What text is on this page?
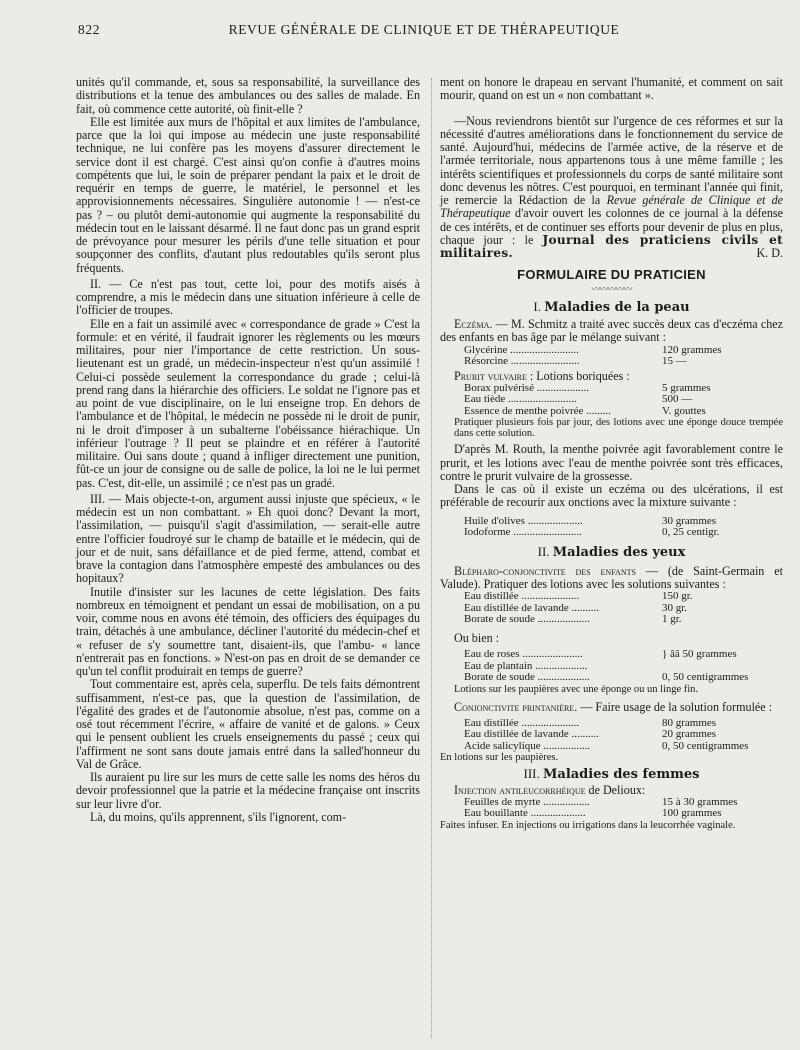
822	REVUE GÉNÉRALE DE CLINIQUE ET DE THÉRAPEUTIQUE

unités qu'il commande, et, sous sa responsabilité, la surveillance des distributions et la tenue des ambulances ou des salles de malade. En fait, où commence cette autorité, où finit-elle ?

Elle est limitée aux murs de l'hôpital et aux limites de l'ambulance, parce que la loi qui impose au médecin une juste responsabilité technique, ne lui confère pas les moyens d'assurer directement le service dont il est chargé. C'est ainsi qu'on confie à d'autres moins compétents que lui, le soin de préparer pendant la paix et le droit de requérir en temps de guerre, le matériel, le personnel et les approvisionnements nécessaires. Singulière autonomie ! — n'est-ce pas ? – ou plutôt demi-autonomie qui augmente la responsabilité du médecin tout en le laissant désarmé. Il ne faut donc pas un grand esprit de prévoyance pour mesurer les périls d'une telle situation et pour soupçonner des conflits, d'autant plus redoutables qu'ils seront plus fréquents.

II. — Ce n'est pas tout, cette loi, pour des motifs aisés à comprendre, a mis le médecin dans une situation inférieure à celle de l'officier de troupes.

Elle en a fait un assimilé avec « correspondance de grade » C'est la formule: et en vérité, il faudrait ignorer les règlements ou les mœurs militaires, pour nier l'importance de cette restriction. Un sous-lieutenant est un gradé, un médecin-inspecteur n'est qu'un assimilé ! Celui-ci possède seulement la correspondance du grade ; celui-là prend rang dans la hiérarchie des officiers. Le soldat ne l'ignore pas et au point de vue disciplinaire, on le lui enseigne trop. En dehors de l'ambulance et de l'hôpital, le médecin ne possède ni le droit de punir, ni le droit d'imposer à un subalterne l'obéissance hiérachique. Un inférieur l'outrage ? Il peut se plaindre et en référer à l'autorité militaire. Oui sans doute ; quand à infliger directement une punition, fût-ce un jour de consigne ou de salle de police, la loi ne le lui permet pas. C'est, dit-elle, un assimilé ; ce n'est pas un gradé.

III. — Mais objecte-t-on, argument aussi injuste que spécieux, « le médecin est un non combattant. » Eh quoi donc? Devant la mort, l'assimilation, — puisqu'il s'agit d'assimilation, — serait-elle autre entre l'officier foudroyé sur le champ de bataille et le médecin, qui de jour et de nuit, sans défaillance et de pied ferme, attend, combat et brave la contagion dans l'atmosphère empesté des ambulances ou des hopitaux?

Inutile d'insister sur les lacunes de cette législation. Des faits nombreux en témoignent et pendant un essai de mobilisation, on a pu voir, comme nous en avons été témoin, des officiers des équipages du train, détachés à une ambulance, décliner l'autorité du médecin-chef et « refuser de s'y soumettre tant, disaient-ils, que l'ambu- « lance n'entrerait pas en fonctions. » N'est-on pas en droit de se demander ce qu'un tel conflit produirait en temps de guerre?

Tout commentaire est, après cela, superflu. De tels faits démontrent suffisamment, n'est-ce pas, que la question de l'assimilation, de l'égalité des grades et de l'autonomie absolue, n'est pas, comme on a osé tout récemment l'écrire, « affaire de vanité et de galons. » Ceux qui le pensent oublient les cruels enseignements du passé ; ceux qui l'affirment ne sont sans doute jamais entré dans la salled'honneur du Val de Grâce.

Ils auraient pu lire sur les murs de cette salle les noms des héros du devoir professionnel que la patrie et la médecine française ont inscrits sur leur livre d'or.

Là, du moins, qu'ils apprennent, s'ils l'ignorent, com-

ment on honore le drapeau en servant l'humanité, et comment on sait mourir, quand on est un « non combattant ».

—Nous reviendrons bientôt sur l'urgence de ces réformes et sur la nécessité d'autres améliorations dans le fonctionnement du service de santé. Aujourd'hui, médecins de l'armée active, de la réserve et de l'armée territoriale, nous appartenons tous à une même famille ; les intérêts scientifiques et professionnels du corps de santé militaire sont donc devenus les nôtres. C'est pourquoi, en terminant l'année qui finit, je remercie la Rédaction de la Revue générale de Clinique et de Thérapeutique d'avoir ouvert les colonnes de ce journal à la défense de ces intérêts, et de continuer ses efforts pour devenir de plus en plus, chaque jour : le Journal des praticiens civils et militaires.	K. D.

FORMULAIRE DU PRATICIEN
〰〰〰〰〰
I. Maladies de la peau

Eczéma. — M. Schmitz a traité avec succès deux cas d'eczéma chez des enfants en bas âge par le mélange suivant :

Glycérine .........................	120 grammes
Résorcine .........................	15 —

Prurit vulvaire : Lotions boriquées :

Borax pulvérisé ...................	5 grammes
Eau tiède .........................	500 —
Essence de menthe poivrée .........	V. gouttes

Pratiquer plusieurs fois par jour, des lotions avec une éponge douce trempée dans cette solution.

D'après M. Routh, la menthe poivrée agit favorablement contre le prurit, et les lotions avec l'eau de menthe poivrée sont très efficaces, contre le prurit vulvaire de la grossesse.

Dans le cas où il existe un eczéma ou des ulcérations, il est préférable de recourir aux onctions avec la mixture suivante :

Huile d'olives ....................	30 grammes
Iodoforme .........................	0, 25 centigr.
II. Maladies des yeux

Blépharo-conjonctivite des enfants — (de Saint-Germain et Valude). Pratiquer des lotions avec les solutions suivantes :

Eau distillée .....................	150 gr.
Eau distillée de lavande ..........	30 gr.
Borate de soude ...................	1 gr.

Ou bien :

Eau de roses ......................	} ââ 50 grammes
Eau de plantain ...................	
Borate de soude ...................	0, 50 centigrammes

Lotions sur les paupières avec une éponge ou un linge fin.

Conjonctivite printanière. — Faire usage de la solution formulée :

Eau distillée .....................	80 grammes
Eau distillée de lavande ..........	20 grammes
Acide salicylique .................	0, 50 centigrammes

En lotions sur les paupières.

III. Maladies des femmes

Injection antileucorrhéique de Delioux:

Feuilles de myrte .................	15 à 30 grammes
Eau bouillante ....................	100 grammes

Faites infuser. En injections ou irrigations dans la leucorrhée vaginale.
